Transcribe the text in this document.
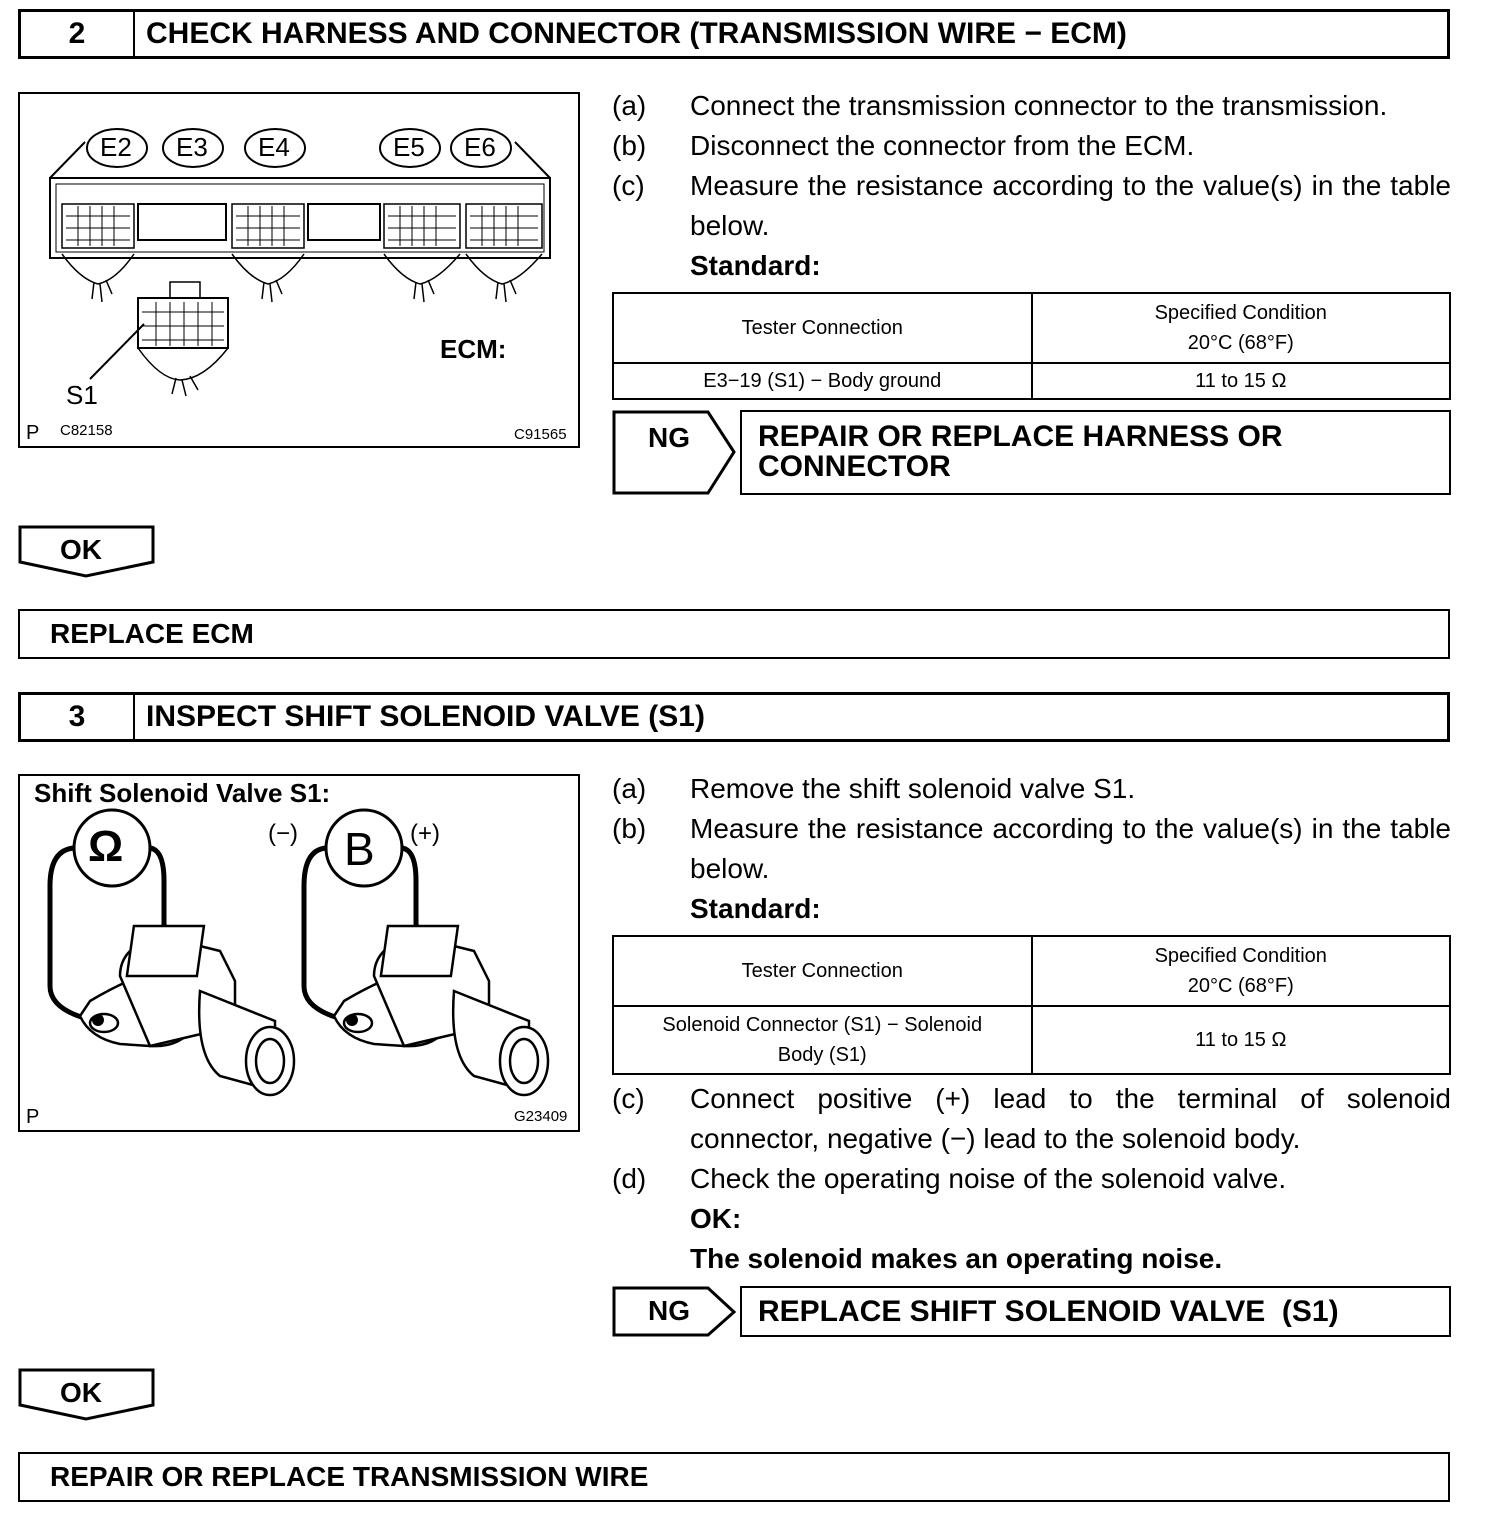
2	CHECK HARNESS AND CONNECTOR (TRANSMISSION WIRE − ECM)
E2 E3 E4	E5 E6
ECM:
S1
P C82158	C91565
(a) Connect the transmission connector to the transmission.
(b) Disconnect the connector from the ECM.
(c) Measure the resistance according to the value(s) in the table below.
Standard:
Tester Connection	Specified Condition
20°C (68°F)

E3−19 (S1) − Body ground	11 to 15 Ω
NG	REPAIR OR REPLACE HARNESS OR CONNECTOR
OK
REPLACE ECM
3	INSPECT SHIFT SOLENOID VALVE (S1)
Shift Solenoid Valve S1:
Ω	B
(−)	(+)
P	G23409
(a) Remove the shift solenoid valve S1.
(b) Measure the resistance according to the value(s) in the table below.
Standard:
Tester Connection	Specified Condition
20°C (68°F)

Solenoid Connector (S1) − Solenoid
Body (S1)	11 to 15 Ω
(c) Connect positive (+) lead to the terminal of solenoid connector, negative (−) lead to the solenoid body.
(d) Check the operating noise of the solenoid valve.
OK:
The solenoid makes an operating noise.
NG	REPLACE SHIFT SOLENOID VALVE  (S1)
OK
REPAIR OR REPLACE TRANSMISSION WIRE
